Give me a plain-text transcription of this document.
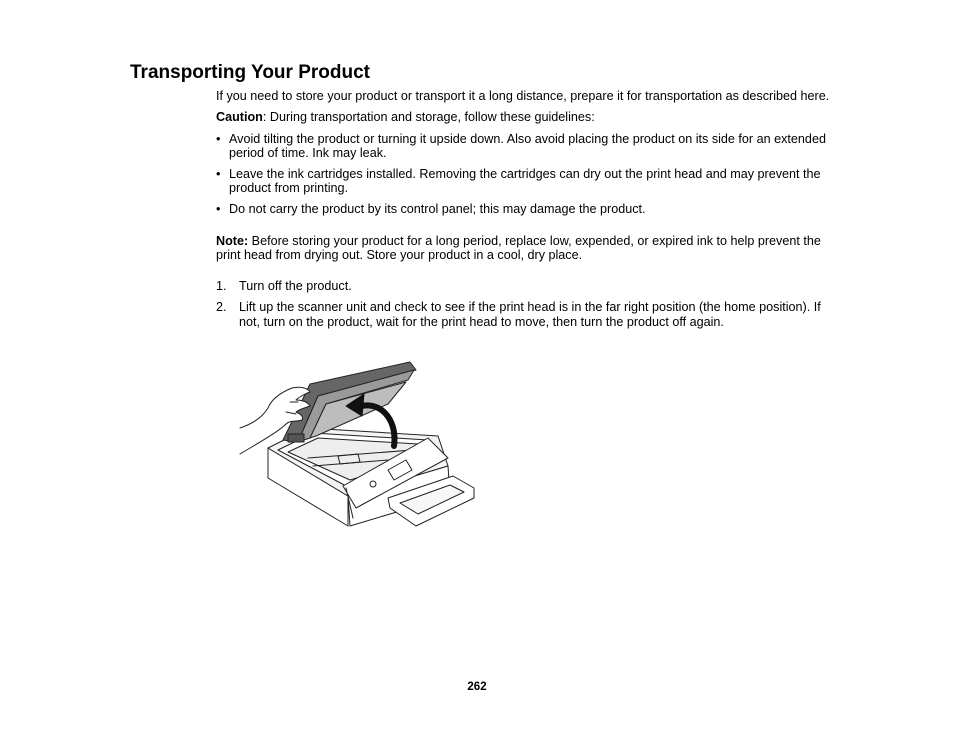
Transporting Your Product

If you need to store your product or transport it a long distance, prepare it for transportation as described here.

Caution: During transportation and storage, follow these guidelines:

• Avoid tilting the product or turning it upside down. Also avoid placing the product on its side for an extended period of time. Ink may leak.
• Leave the ink cartridges installed. Removing the cartridges can dry out the print head and may prevent the product from printing.
• Do not carry the product by its control panel; this may damage the product.

Note: Before storing your product for a long period, replace low, expended, or expired ink to help prevent the print head from drying out. Store your product in a cool, dry place.

1. Turn off the product.
2. Lift up the scanner unit and check to see if the print head is in the far right position (the home position). If not, turn on the product, wait for the print head to move, then turn the product off again.
262
